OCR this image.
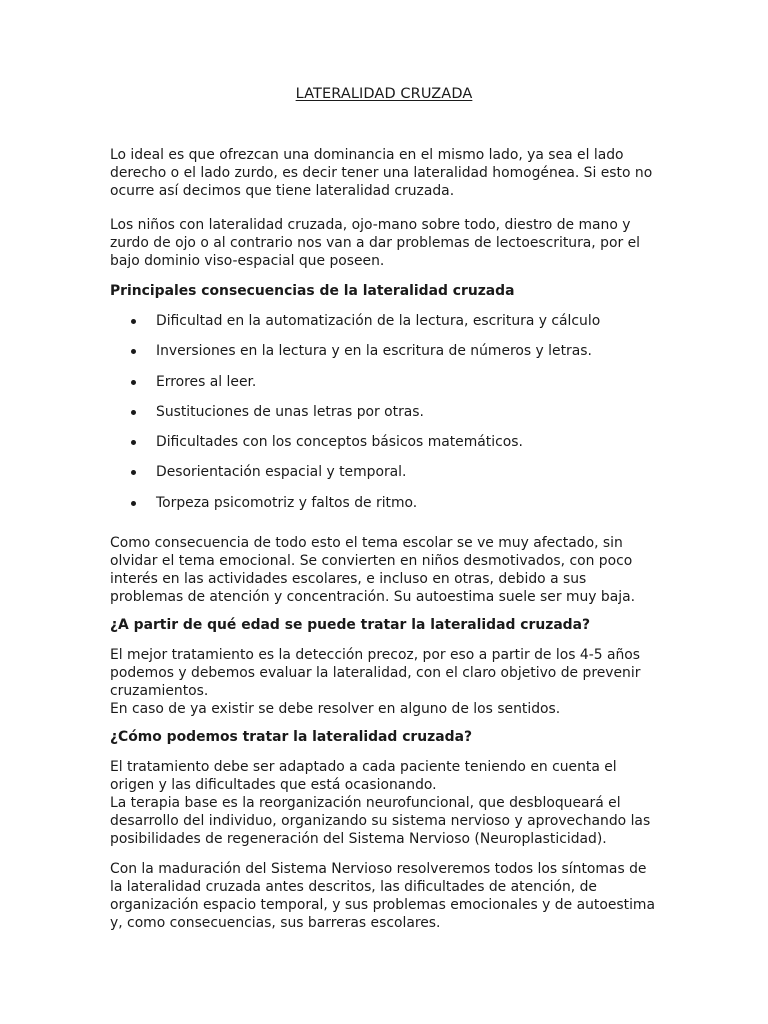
LATERALIDAD CRUZADA

Lo ideal es que ofrezcan una dominancia en el mismo lado, ya sea el lado derecho o el lado zurdo, es decir tener una lateralidad homogénea. Si esto no ocurre así decimos que tiene lateralidad cruzada.

Los niños con lateralidad cruzada, ojo-mano sobre todo, diestro de mano y zurdo de ojo o al contrario nos van a dar problemas de lectoescritura, por el bajo dominio viso-espacial que poseen.

Principales consecuencias de la lateralidad cruzada

Dificultad en la automatización de la lectura, escritura y cálculo
Inversiones en la lectura y en la escritura de números y letras.
Errores al leer.
Sustituciones de unas letras por otras.
Dificultades con los conceptos básicos matemáticos.
Desorientación espacial y temporal.
Torpeza psicomotriz y faltos de ritmo.

Como consecuencia de todo esto el tema escolar se ve muy afectado, sin olvidar el tema emocional. Se convierten en niños desmotivados, con poco interés en las actividades escolares, e incluso en otras, debido a sus problemas de atención y concentración. Su autoestima suele ser muy baja.

¿A partir de qué edad se puede tratar la lateralidad cruzada?

El mejor tratamiento es la detección precoz, por eso a partir de los 4-5 años podemos y debemos evaluar la lateralidad, con el claro objetivo de prevenir cruzamientos.
En caso de ya existir se debe resolver en alguno de los sentidos.

¿Cómo podemos tratar la lateralidad cruzada?

El tratamiento debe ser adaptado a cada paciente teniendo en cuenta el origen y las dificultades que está ocasionando.
La terapia base es la reorganización neurofuncional, que desbloqueará el desarrollo del individuo, organizando su sistema nervioso y aprovechando las posibilidades de regeneración del Sistema Nervioso (Neuroplasticidad).

Con la maduración del Sistema Nervioso resolveremos todos los síntomas de la lateralidad cruzada antes descritos, las dificultades de atención, de organización espacio temporal, y sus problemas emocionales y de autoestima y, como consecuencias, sus barreras escolares.
